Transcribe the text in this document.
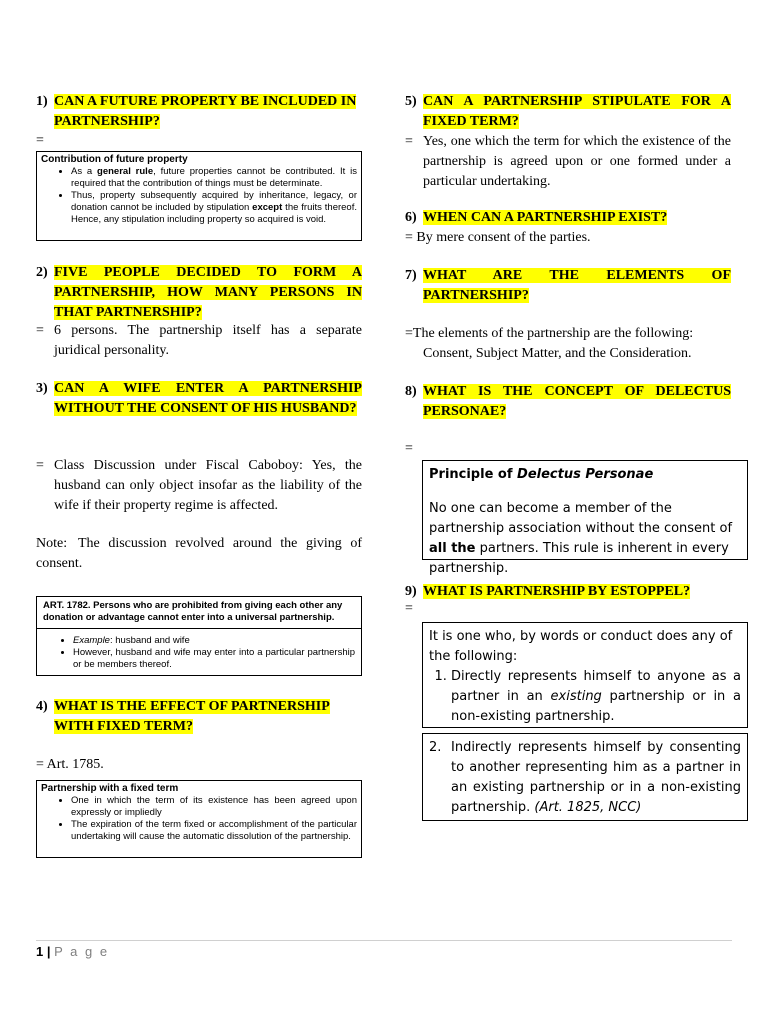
1) CAN A FUTURE PROPERTY BE INCLUDED IN PARTNERSHIP?
=
Contribution of future property
• As a general rule, future properties cannot be contributed. It is required that the contribution of things must be determinate.
• Thus, property subsequently acquired by inheritance, legacy, or donation cannot be included by stipulation except the fruits thereof. Hence, any stipulation including property so acquired is void.
2) FIVE PEOPLE DECIDED TO FORM A PARTNERSHIP, HOW MANY PERSONS IN THAT PARTNERSHIP?
= 6 persons. The partnership itself has a separate juridical personality.
3) CAN A WIFE ENTER A PARTNERSHIP WITHOUT THE CONSENT OF HIS HUSBAND?
= Class Discussion under Fiscal Caboboy: Yes, the husband can only object insofar as the liability of the wife if their property regime is affected.
Note: The discussion revolved around the giving of consent.
ART. 1782. Persons who are prohibited from giving each other any donation or advantage cannot enter into a universal partnership.
• Example: husband and wife
• However, husband and wife may enter into a particular partnership or be members thereof.
4) WHAT IS THE EFFECT OF PARTNERSHIP WITH FIXED TERM?
= Art. 1785.
Partnership with a fixed term
• One in which the term of its existence has been agreed upon expressly or impliedly
• The expiration of the term fixed or accomplishment of the particular undertaking will cause the automatic dissolution of the partnership.
5) CAN A PARTNERSHIP STIPULATE FOR A FIXED TERM?
= Yes, one which the term for which the existence of the partnership is agreed upon or one formed under a particular undertaking.
6) WHEN CAN A PARTNERSHIP EXIST?
= By mere consent of the parties.
7) WHAT ARE THE ELEMENTS OF PARTNERSHIP?
=The elements of the partnership are the following:
Consent, Subject Matter, and the Consideration.
8) WHAT IS THE CONCEPT OF DELECTUS PERSONAE?
=
Principle of Delectus Personae
No one can become a member of the partnership association without the consent of all the partners. This rule is inherent in every partnership.
9) WHAT IS PARTNERSHIP BY ESTOPPEL?
=
It is one who, by words or conduct does any of the following:
1. Directly represents himself to anyone as a partner in an existing partnership or in a non-existing partnership.
2. Indirectly represents himself by consenting to another representing him as a partner in an existing partnership or in a non-existing partnership. (Art. 1825, NCC)
1 | P a g e
